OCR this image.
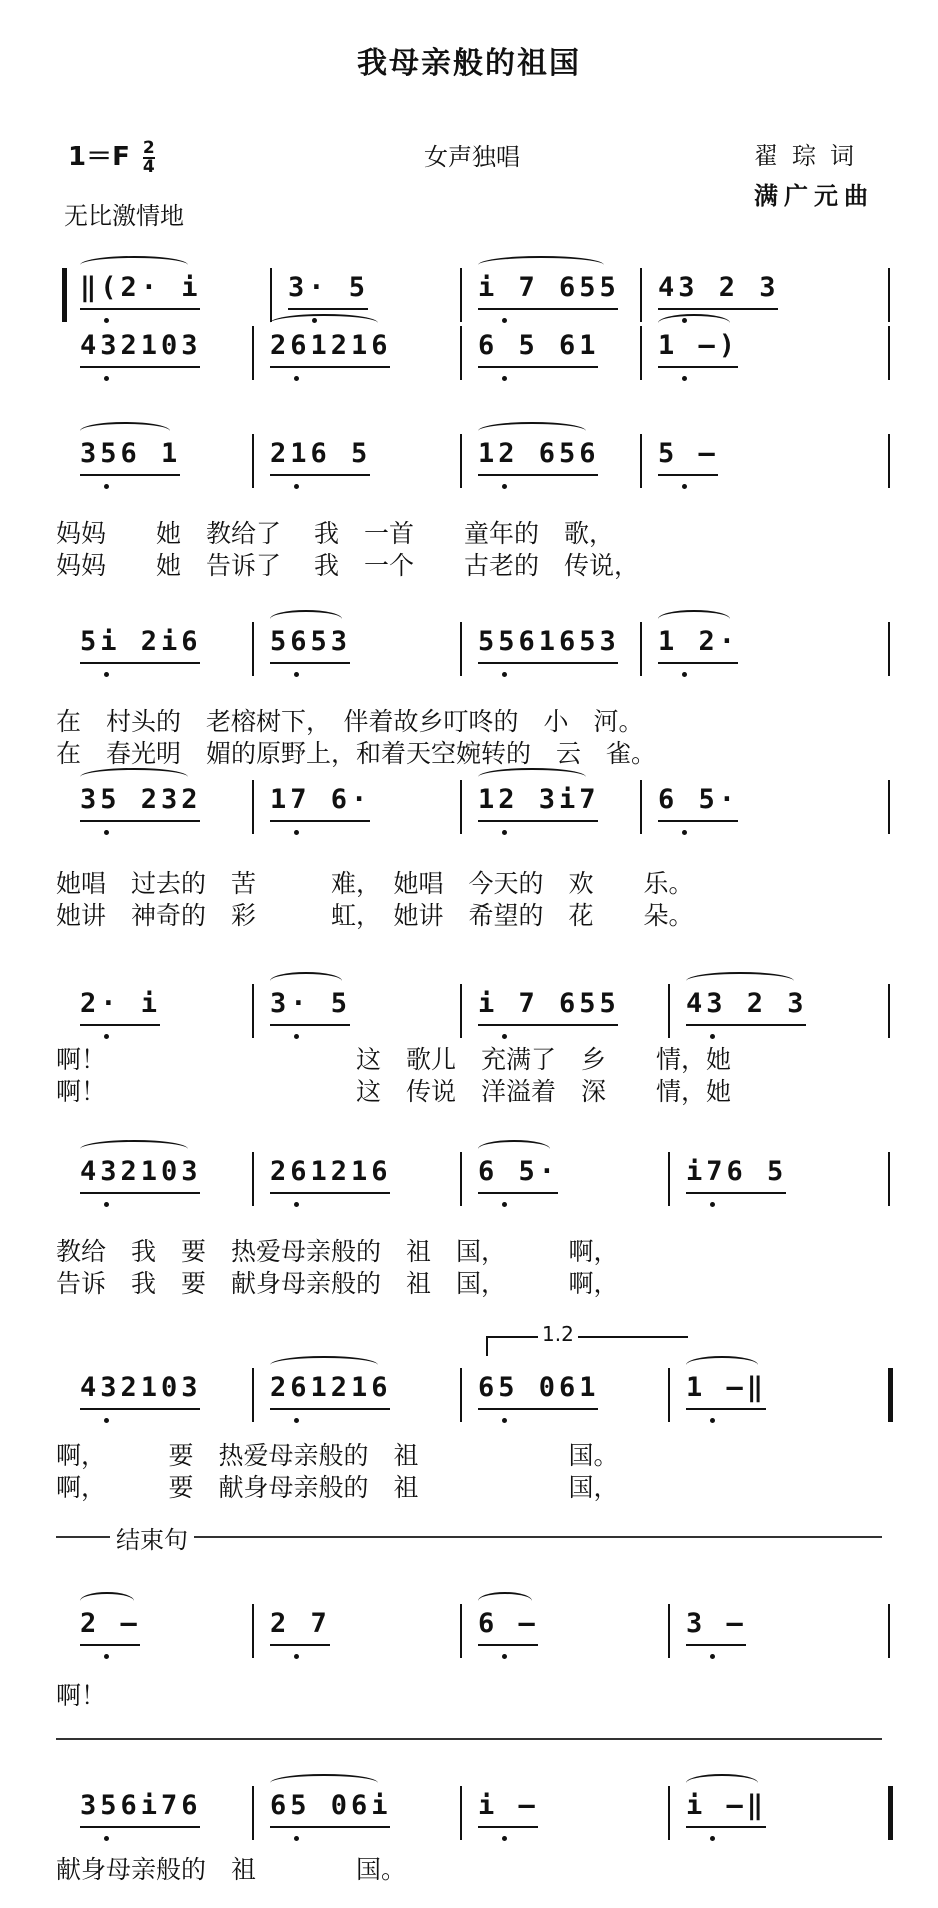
我母亲般的祖国
$1=F \frac{2}{4}$	女声独唱	翟琮词
满广元曲
无比激情地
‖(2· i	3· 5	i 7 655	43 2 3
432103	261216	6 5 61	1 —)
356 1	216 5	12 656	5 —
5i 2i6	5653	5561653	1 2·
35 232	17 6·	12 3i7	6 5·
2· i	3· 5	i 7 655	43 2 3
432103	261216	6 5·	i76 5
432103	261216	65 061	1 —‖
2 —	2 7	6 —	3 —
356i76	65 06i	i —	i —‖
妈妈　　她　教给了　 我　一首　　童年的　歌，
妈妈　　她　告诉了　 我　一个　　古老的　传说，
在　村头的　老榕树下，　伴着故乡叮咚的　小　河。
在　春光明　媚的原野上，和着天空婉转的　云　雀。
她唱　过去的　苦　　　难，　她唱　今天的　欢　　乐。
她讲　神奇的　彩　　　虹，　她讲　希望的　花　　朵。
啊！　　　　　　　　　　这　歌儿　充满了　乡　　情，她
啊！　　　　　　　　　　这　传说　洋溢着　深　　情，她
教给　我　要　热爱母亲般的　祖　国，　　　啊，
告诉　我　要　献身母亲般的　祖　国，　　　啊，
啊，　　　要　热爱母亲般的　祖　　　　　　国。
啊，　　　要　献身母亲般的　祖　　　　　　国，
啊！
献身母亲般的　祖　　　　国。
1.2
结束句
